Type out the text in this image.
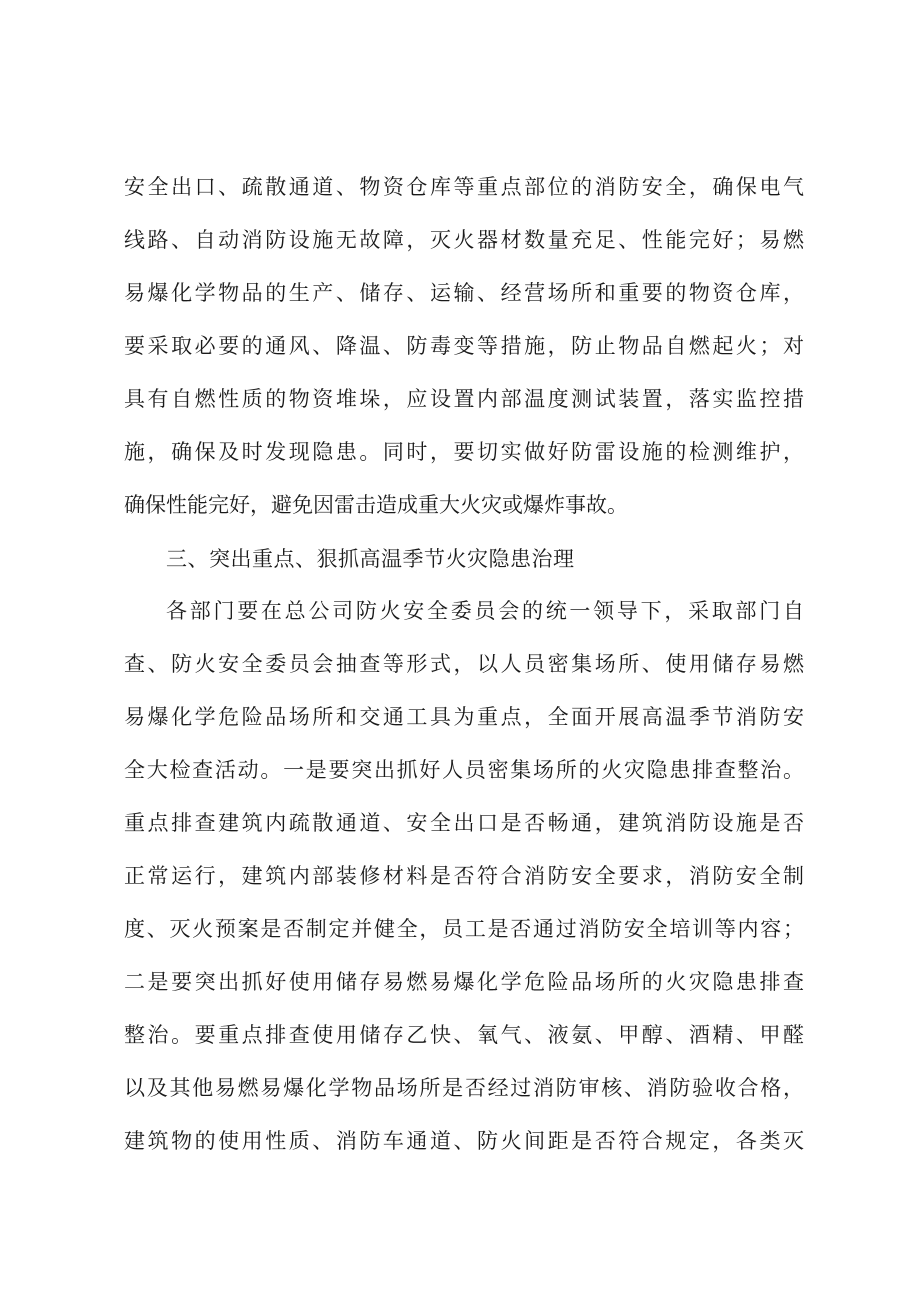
安全出口、疏散通道、物资仓库等重点部位的消防安全，确保电气
线路、自动消防设施无故障，灭火器材数量充足、性能完好；易燃
易爆化学物品的生产、储存、运输、经营场所和重要的物资仓库，
要采取必要的通风、降温、防毒变等措施，防止物品自燃起火；对
具有自燃性质的物资堆垛，应设置内部温度测试装置，落实监控措
施，确保及时发现隐患。同时，要切实做好防雷设施的检测维护，
确保性能完好，避免因雷击造成重大火灾或爆炸事故。
三、突出重点、狠抓高温季节火灾隐患治理
各部门要在总公司防火安全委员会的统一领导下，采取部门自
查、防火安全委员会抽查等形式，以人员密集场所、使用储存易燃
易爆化学危险品场所和交通工具为重点，全面开展高温季节消防安
全大检查活动。一是要突出抓好人员密集场所的火灾隐患排查整治。
重点排查建筑内疏散通道、安全出口是否畅通，建筑消防设施是否
正常运行，建筑内部装修材料是否符合消防安全要求，消防安全制
度、灭火预案是否制定并健全，员工是否通过消防安全培训等内容；
二是要突出抓好使用储存易燃易爆化学危险品场所的火灾隐患排查
整治。要重点排查使用储存乙快、氧气、液氨、甲醇、酒精、甲醛
以及其他易燃易爆化学物品场所是否经过消防审核、消防验收合格，
建筑物的使用性质、消防车通道、防火间距是否符合规定，各类灭
